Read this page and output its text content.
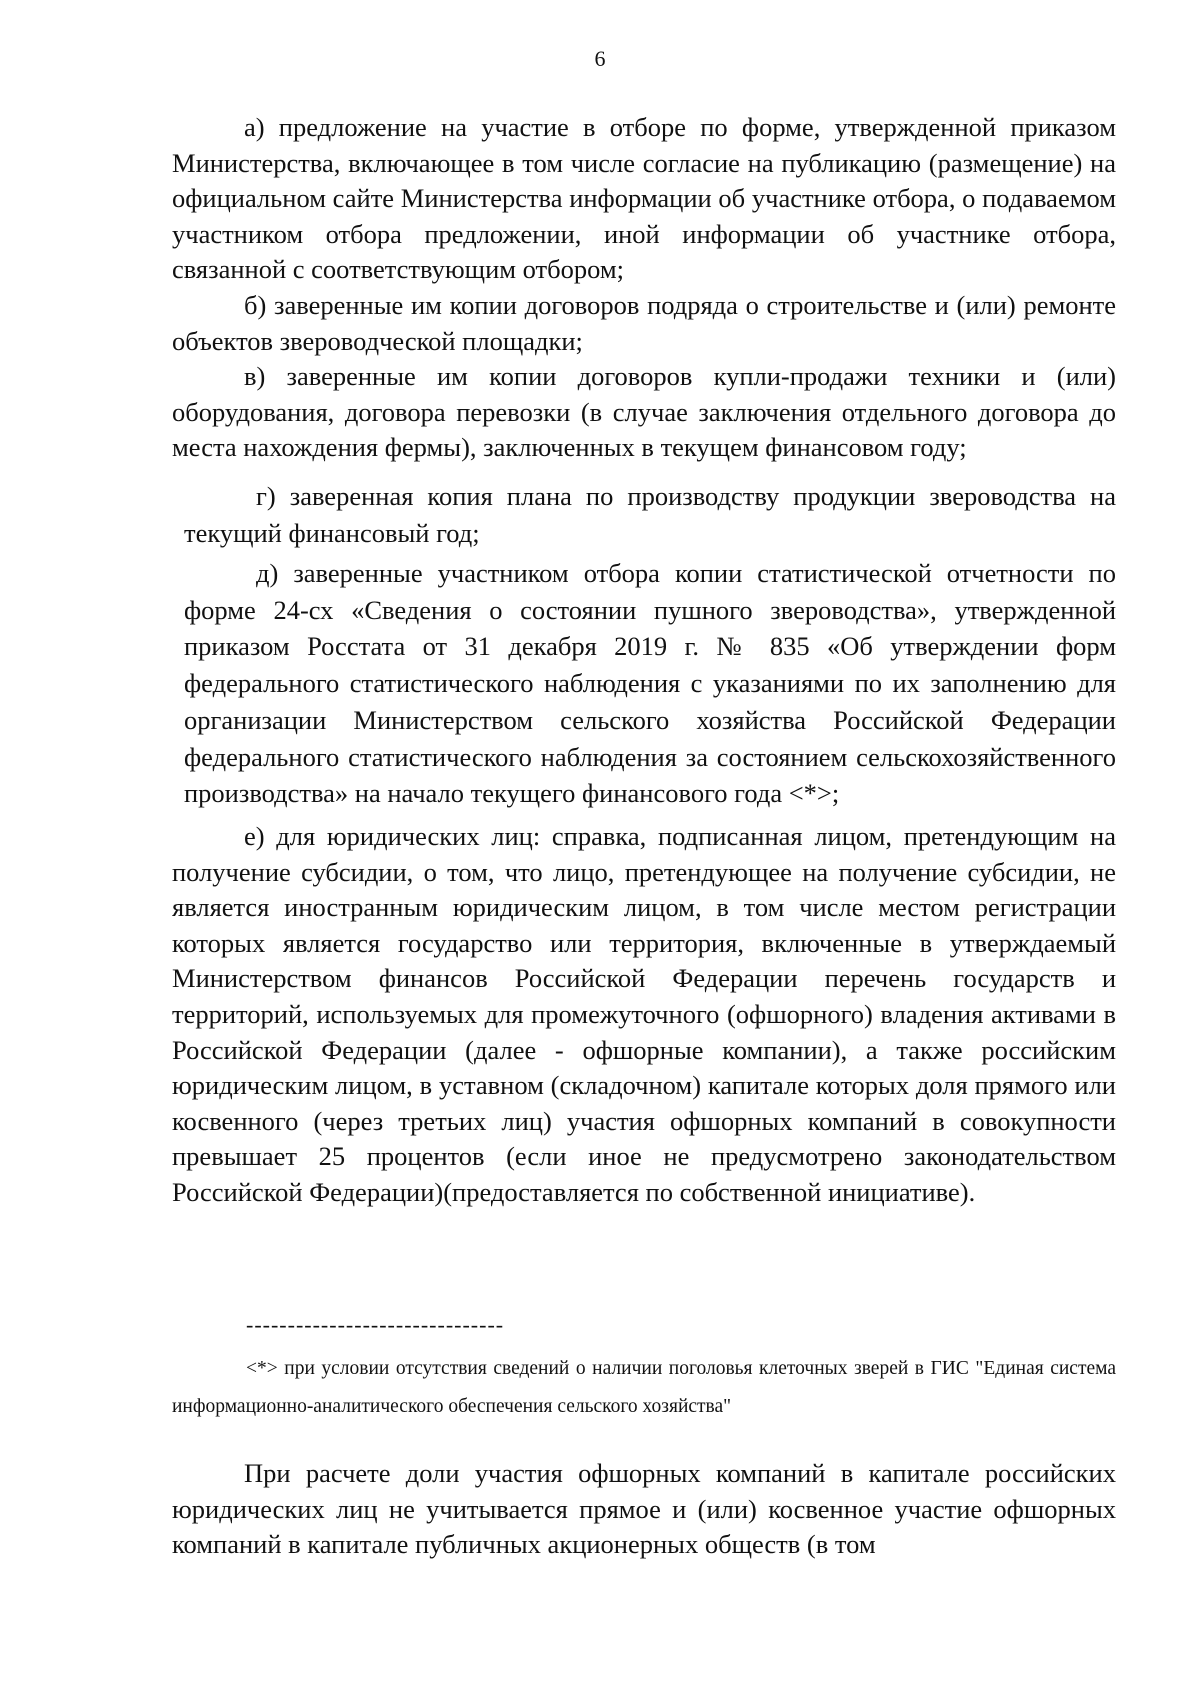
6

а) предложение на участие в отборе по форме, утвержденной приказом Министерства, включающее в том числе согласие на публикацию (размещение) на официальном сайте Министерства информации об участнике отбора, о подаваемом участником отбора предложении, иной информации об участнике отбора, связанной с соответствующим отбором;

б) заверенные им копии договоров подряда о строительстве и (или) ремонте объектов звероводческой площадки;

в) заверенные им копии договоров купли-продажи техники и (или) оборудования, договора перевозки (в случае заключения отдельного договора до места нахождения фермы), заключенных в текущем финансовом году;

г) заверенная копия плана по производству продукции звероводства на текущий финансовый год;

д) заверенные участником отбора копии статистической отчетности по форме 24-сх «Сведения о состоянии пушного звероводства», утвержденной приказом Росстата от 31 декабря 2019 г. № 835 «Об утверждении форм федерального статистического наблюдения с указаниями по их заполнению для организации Министерством сельского хозяйства Российской Федерации федерального статистического наблюдения за состоянием сельскохозяйственного производства» на начало текущего финансового года <*>;

е) для юридических лиц: справка, подписанная лицом, претендующим на получение субсидии, о том, что лицо, претендующее на получение субсидии, не является иностранным юридическим лицом, в том числе местом регистрации которых является государство или территория, включенные в утверждаемый Министерством финансов Российской Федерации перечень государств и территорий, используемых для промежуточного (офшорного) владения активами в Российской Федерации (далее - офшорные компании), а также российским юридическим лицом, в уставном (складочном) капитале которых доля прямого или косвенного (через третьих лиц) участия офшорных компаний в совокупности превышает 25 процентов (если иное не предусмотрено законодательством Российской Федерации)(предоставляется по собственной инициативе).

-------------------------------

<*> при условии отсутствия сведений о наличии поголовья клеточных зверей в ГИС "Единая система информационно-аналитического обеспечения сельского хозяйства"

При расчете доли участия офшорных компаний в капитале российских юридических лиц не учитывается прямое и (или) косвенное участие офшорных компаний в капитале публичных акционерных обществ (в том
